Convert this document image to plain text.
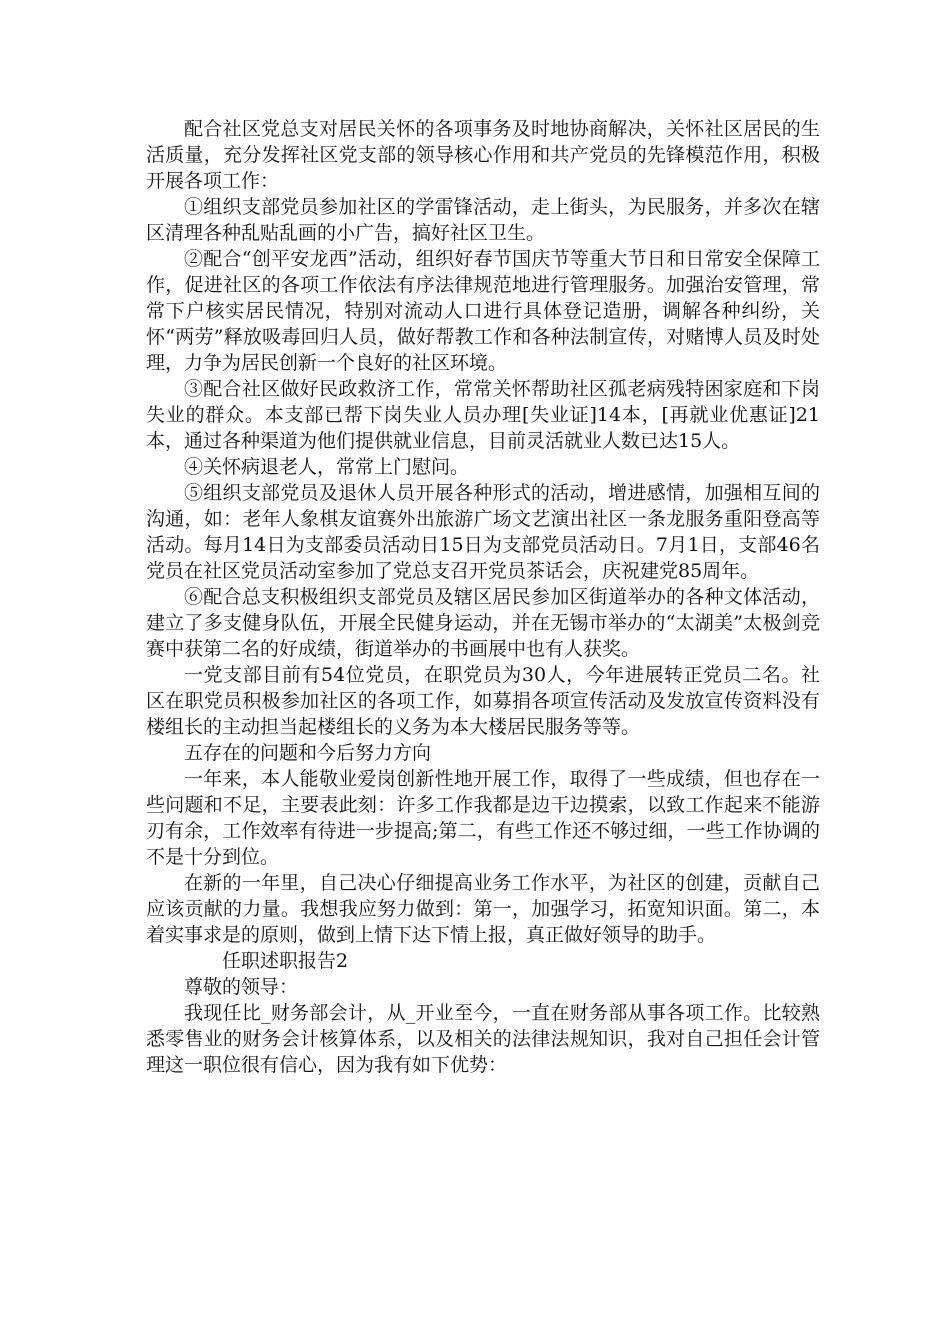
配合社区党总支对居民关怀的各项事务及时地协商解决，关怀社区居民的生活质量，充分发挥社区党支部的领导核心作用和共产党员的先锋模范作用，积极开展各项工作：

①组织支部党员参加社区的学雷锋活动，走上街头，为民服务，并多次在辖区清理各种乱贴乱画的小广告，搞好社区卫生。

②配合“创平安龙西”活动，组织好春节国庆节等重大节日和日常安全保障工作，促进社区的各项工作依法有序法律规范地进行管理服务。加强治安管理，常常下户核实居民情况，特别对流动人口进行具体登记造册，调解各种纠纷，关怀“两劳”释放吸毒回归人员，做好帮教工作和各种法制宣传，对赌博人员及时处理，力争为居民创新一个良好的社区环境。

③配合社区做好民政救济工作，常常关怀帮助社区孤老病残特困家庭和下岗失业的群众。本支部已帮下岗失业人员办理[失业证]14本，[再就业优惠证]21本，通过各种渠道为他们提供就业信息，目前灵活就业人数已达15人。

④关怀病退老人，常常上门慰问。

⑤组织支部党员及退休人员开展各种形式的活动，增进感情，加强相互间的沟通，如：老年人象棋友谊赛外出旅游广场文艺演出社区一条龙服务重阳登高等活动。每月14日为支部委员活动日15日为支部党员活动日。7月1日，支部46名党员在社区党员活动室参加了党总支召开党员茶话会，庆祝建党85周年。

⑥配合总支积极组织支部党员及辖区居民参加区街道举办的各种文体活动，建立了多支健身队伍，开展全民健身运动，并在无锡市举办的“太湖美”太极剑竞赛中获第二名的好成绩，街道举办的书画展中也有人获奖。

一党支部目前有54位党员，在职党员为30人，今年进展转正党员二名。社区在职党员积极参加社区的各项工作，如募捐各项宣传活动及发放宣传资料没有楼组长的主动担当起楼组长的义务为本大楼居民服务等等。

五存在的问题和今后努力方向

一年来，本人能敬业爱岗创新性地开展工作，取得了一些成绩，但也存在一些问题和不足，主要表此刻：许多工作我都是边干边摸索，以致工作起来不能游刃有余，工作效率有待进一步提高;第二，有些工作还不够过细，一些工作协调的不是十分到位。

在新的一年里，自己决心仔细提高业务工作水平，为社区的创建，贡献自己应该贡献的力量。我想我应努力做到：第一，加强学习，拓宽知识面。第二，本着实事求是的原则，做到上情下达下情上报，真正做好领导的助手。

任职述职报告2

尊敬的领导：

我现任比_财务部会计，从_开业至今，一直在财务部从事各项工作。比较熟悉零售业的财务会计核算体系，以及相关的法律法规知识，我对自己担任会计管理这一职位很有信心，因为我有如下优势：
